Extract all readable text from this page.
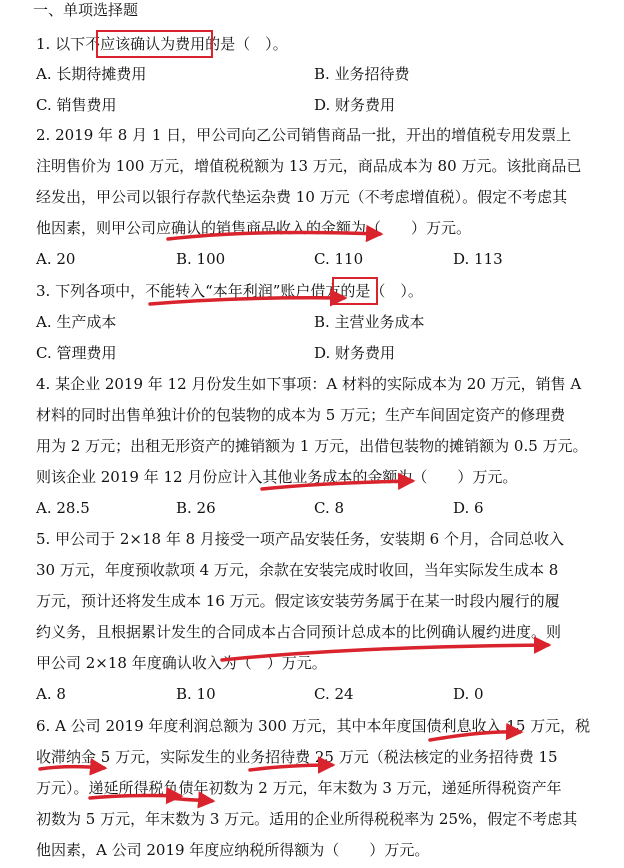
一、单项选择题
1. 以下不应该确认为费用的是（　）。
A. 长期待摊费用	B. 业务招待费
C. 销售费用	D. 财务费用
2. 2019 年 8 月 1 日，甲公司向乙公司销售商品一批，开出的增值税专用发票上
注明售价为 100 万元，增值税税额为 13 万元，商品成本为 80 万元。该批商品已
经发出，甲公司以银行存款代垫运杂费 10 万元（不考虑增值税）。假定不考虑其
他因素，则甲公司应确认的销售商品收入的金额为（　　）万元。
A. 20	B. 100	C. 110	D. 113
3. 下列各项中，不能转入“本年利润”账户借方的是（　）。
A. 生产成本	B. 主营业务成本
C. 管理费用	D. 财务费用
4. 某企业 2019 年 12 月份发生如下事项：A 材料的实际成本为 20 万元，销售 A
材料的同时出售单独计价的包装物的成本为 5 万元；生产车间固定资产的修理费
用为 2 万元；出租无形资产的摊销额为 1 万元，出借包装物的摊销额为 0.5 万元。
则该企业 2019 年 12 月份应计入其他业务成本的金额为（　　）万元。
A. 28.5	B. 26	C. 8	D. 6
5. 甲公司于 2×18 年 8 月接受一项产品安装任务，安装期 6 个月，合同总收入
30 万元，年度预收款项 4 万元，余款在安装完成时收回，当年实际发生成本 8
万元，预计还将发生成本 16 万元。假定该安装劳务属于在某一时段内履行的履
约义务，且根据累计发生的合同成本占合同预计总成本的比例确认履约进度。则
甲公司 2×18 年度确认收入为（　）万元。
A. 8	B. 10	C. 24	D. 0
6. A 公司 2019 年度利润总额为 300 万元，其中本年度国债利息收入 15 万元，税
收滞纳金 5 万元，实际发生的业务招待费 25 万元（税法核定的业务招待费 15
万元）。递延所得税负债年初数为 2 万元，年末数为 3 万元，递延所得税资产年
初数为 5 万元，年末数为 3 万元。适用的企业所得税税率为 25%，假定不考虑其
他因素，A 公司 2019 年度应纳税所得额为（　　）万元。
